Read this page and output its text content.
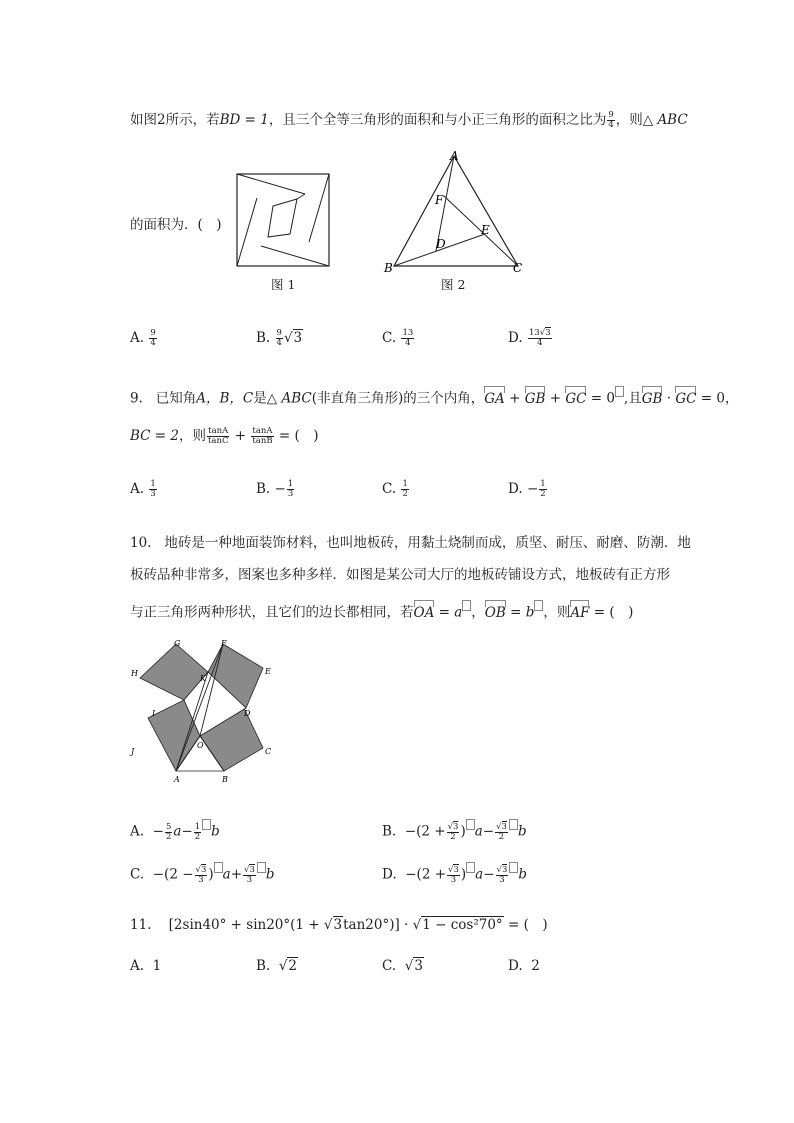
如图2所示，若BD = 1，且三个全等三角形的面积和与小正三角形的面积之比为 $\frac{9}{4}$ ，则△ ABC
的面积为．(　)
图 1
A
B	C
F
E
D
图 2
A. $\frac{9}{4}$	B. $\frac{9}{4} √3$	C. $\frac{13}{4}$	D. $\frac{13√3}{4}$
9. 已知角A，B，C是△ ABC(非直角三角形)的三个内角，GA + GB + GC = 0 ,且GB · GC = 0，
BC = 2，则 $\frac{\tan A}{\tan C} + \frac{\tan A}{\tan B}$ = (　)
A. $\frac{1}{3}$	B. − $\frac{1}{3}$	C. $\frac{1}{2}$	D. − $\frac{1}{2}$
10. 地砖是一种地面装饰材料，也叫地板砖，用黏土烧制而成，质坚、耐压、耐磨、防潮．地
板砖品种非常多，图案也多种多样．如图是某公司大厅的地板砖铺设方式，地板砖有正方形
与正三角形两种形状，且它们的边长都相同，若OA = a ，OB = b ，则AF = (　)
G	F
H	E
K
I	D
J
O
C
A	B
A. − $\frac{5}{2} a- \frac{1}{2}$ b	B. $-(2 + \frac{√3}{2}$ ) $a- \frac{√3}{2}$ b
C. $-(2 - \frac{√3}{3}$ ) $a+ \frac{√3}{3}$ b	D. $-(2 + \frac{√3}{3}$ ) $a- \frac{√3}{3}$ b
11. [2sin40° + sin20°(1 + √3tan20°)] · √1 − cos²70° = (　)
A. 1	B. √2	C. √3	D. 2
